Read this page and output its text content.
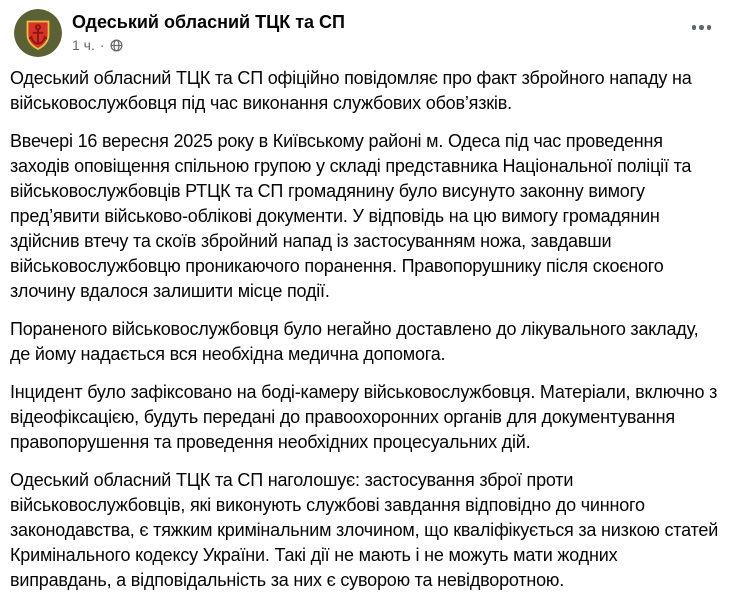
Одеський обласний ТЦК та СП
1 ч. ·

Одеський обласний ТЦК та СП офіційно повідомляє про факт збройного нападу на військовослужбовця під час виконання службових обов’язків.

Ввечері 16 вересня 2025 року в Київському районі м. Одеса під час проведення заходів оповіщення спільною групою у складі представника Національної поліції та військовослужбовців РТЦК та СП громадянину було висунуто законну вимогу пред’явити військово-облікові документи. У відповідь на цю вимогу громадянин здійснив втечу та скоїв збройний напад із застосуванням ножа, завдавши військовослужбовцю проникаючого поранення. Правопорушнику після скоєного злочину вдалося залишити місце події.

Пораненого військовослужбовця було негайно доставлено до лікувального закладу, де йому надається вся необхідна медична допомога.

Інцидент було зафіксовано на боді-камеру військовослужбовця. Матеріали, включно з відеофіксацією, будуть передані до правоохоронних органів для документування правопорушення та проведення необхідних процесуальних дій.

Одеський обласний ТЦК та СП наголошує: застосування зброї проти військовослужбовців, які виконують службові завдання відповідно до чинного законодавства, є тяжким кримінальним злочином, що кваліфікується за низкою статей Кримінального кодексу України. Такі дії не мають і не можуть мати жодних виправдань, а відповідальність за них є суворою та невідворотною.
